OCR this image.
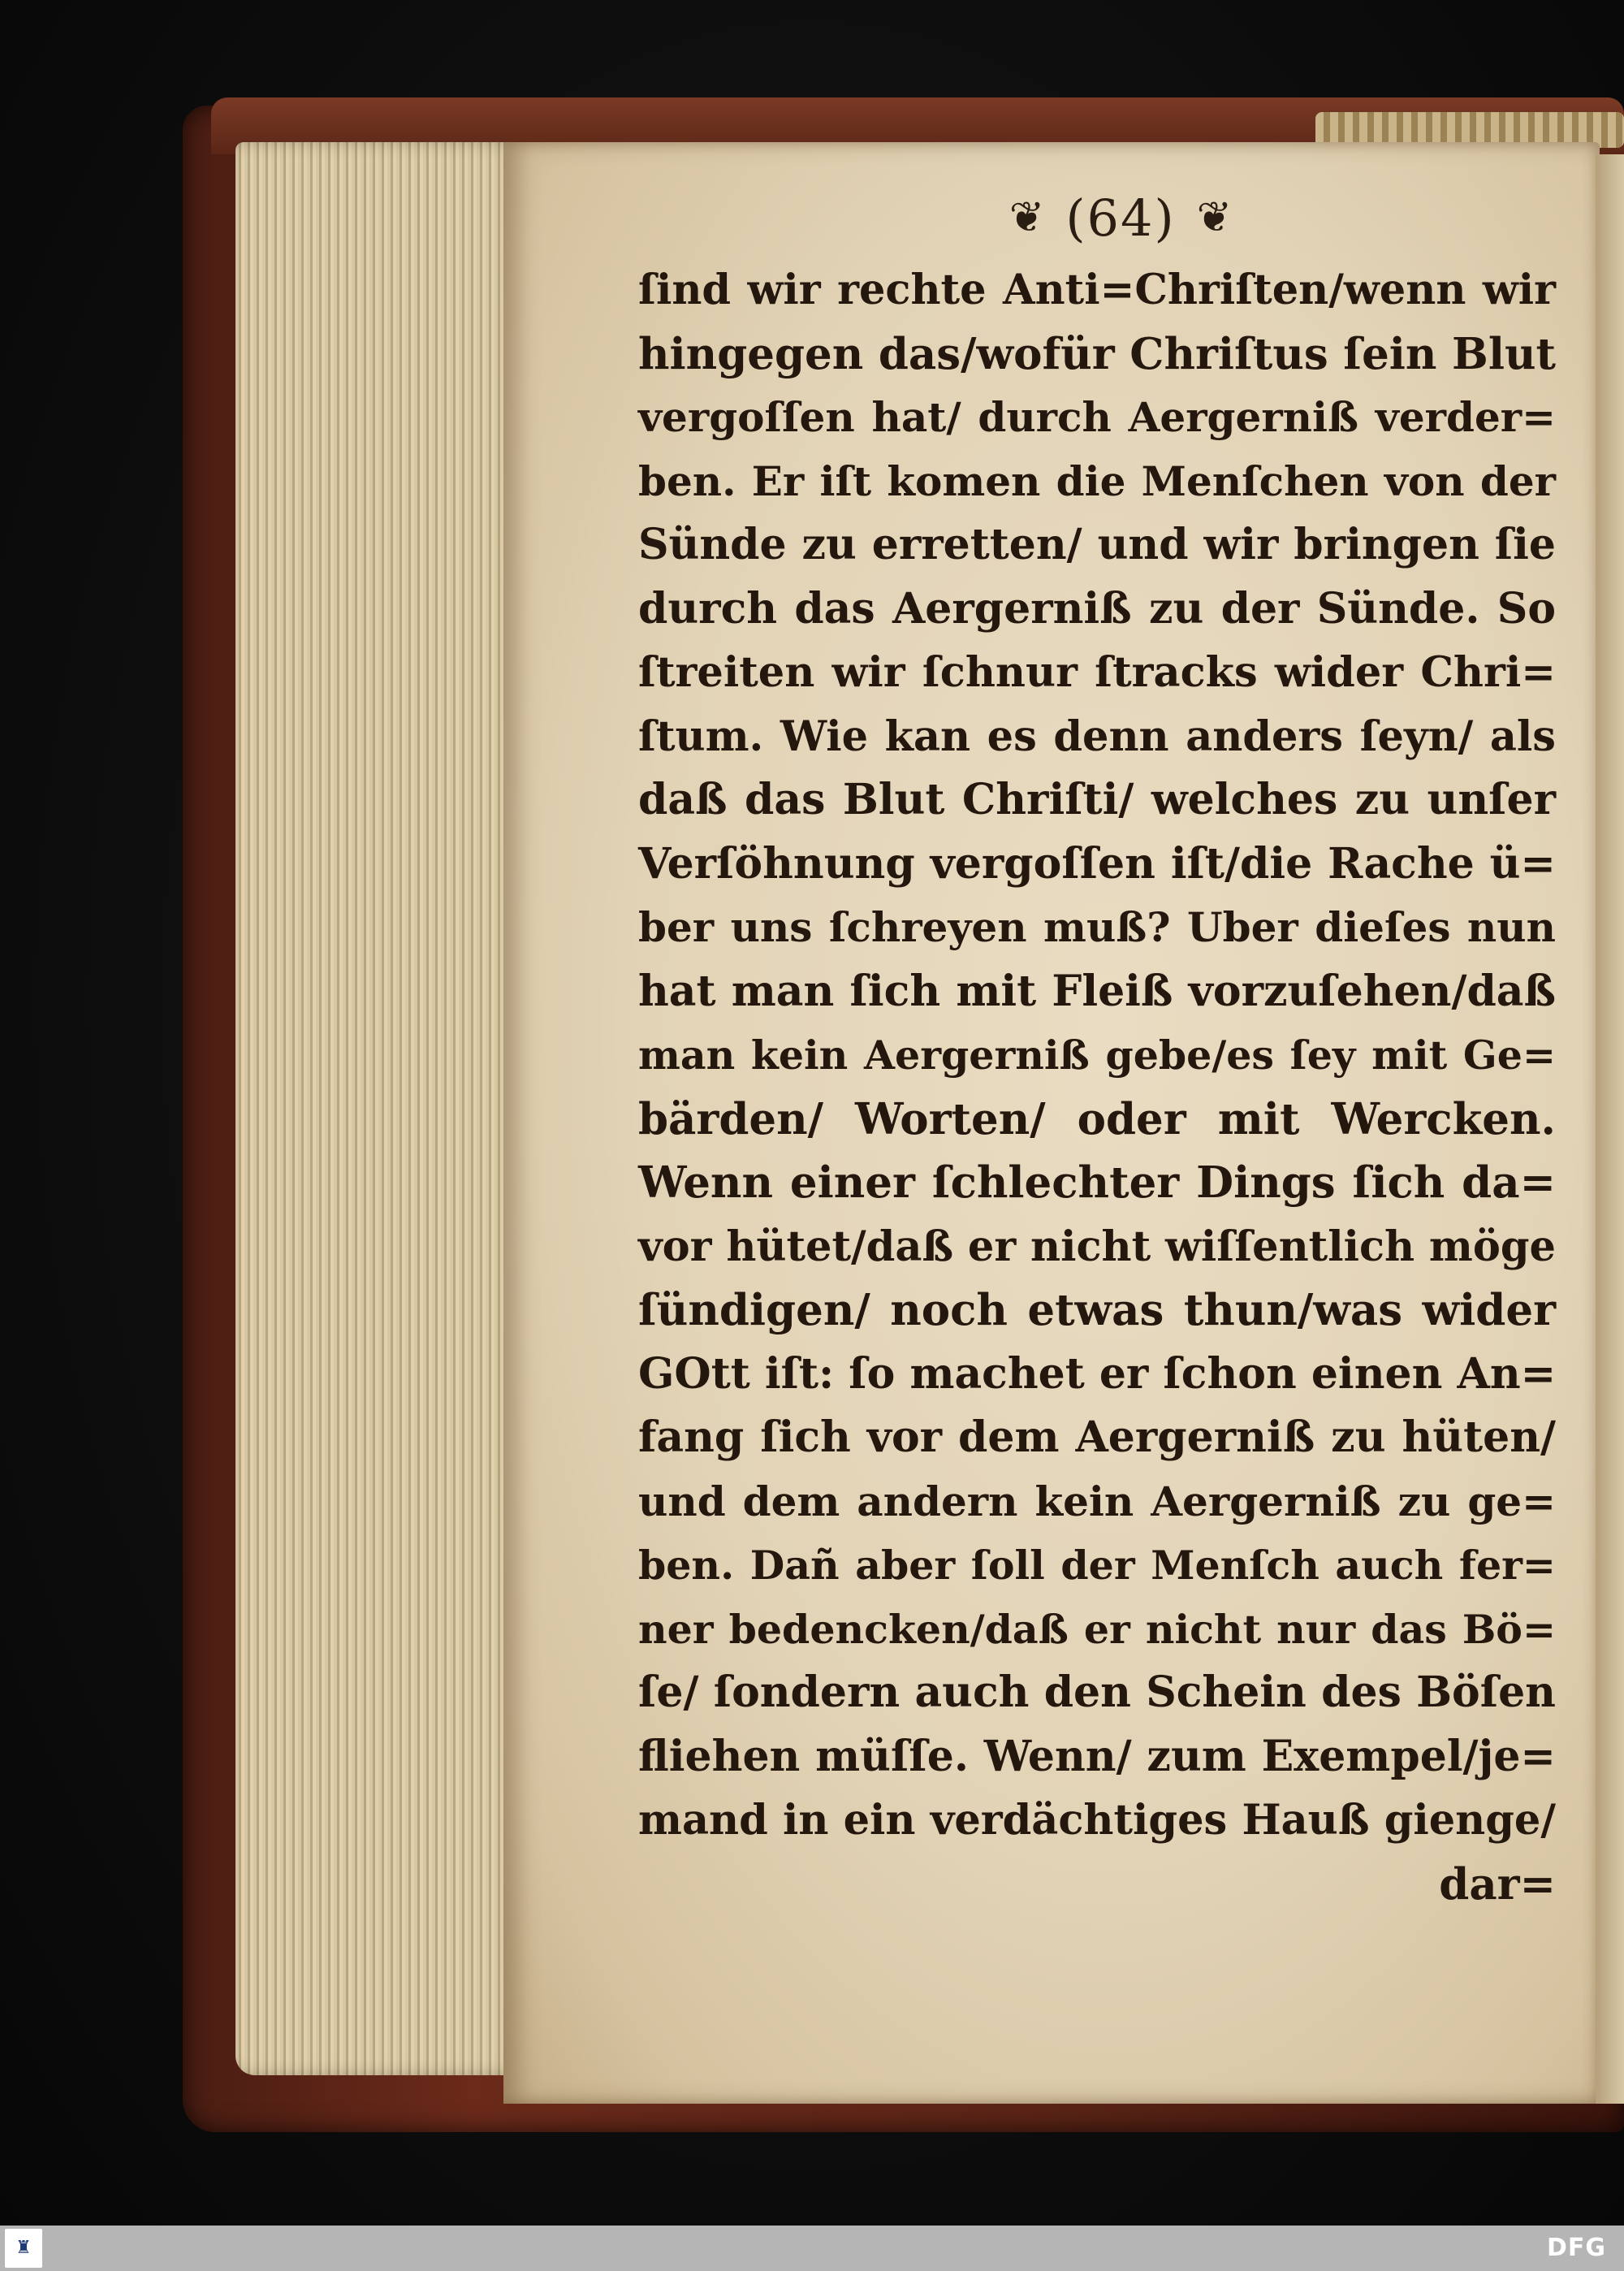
❦ (64) ❦
ſind wir rechte Anti=Chriſten/wenn wir
hingegen das/wofür Chriſtus ſein Blut
vergoſſen hat/ durch Aergerniß verder=
ben. Er iſt komen die Menſchen von der
Sünde zu erretten/ und wir bringen ſie
durch das Aergerniß zu der Sünde. So
ſtreiten wir ſchnur ſtracks wider Chri=
ſtum. Wie kan es denn anders ſeyn/ als
daß das Blut Chriſti/ welches zu unſer
Verſöhnung vergoſſen iſt/die Rache ü=
ber uns ſchreyen muß? Uber dieſes nun
hat man ſich mit Fleiß vorzuſehen/daß
man kein Aergerniß gebe/es ſey mit Ge=
bärden/ Worten/ oder mit Wercken.
Wenn einer ſchlechter Dings ſich da=
vor hütet/daß er nicht wiſſentlich möge
ſündigen/ noch etwas thun/was wider
GOtt iſt: ſo machet er ſchon einen An=
fang ſich vor dem Aergerniß zu hüten/
und dem andern kein Aergerniß zu ge=
ben. Dañ aber ſoll der Menſch auch fer=
ner bedencken/daß er nicht nur das Bö=
ſe/ ſondern auch den Schein des Böſen
fliehen müſſe. Wenn/ zum Exempel/je=
mand in ein verdächtiges Hauß gienge/
dar=
♜	DFG
